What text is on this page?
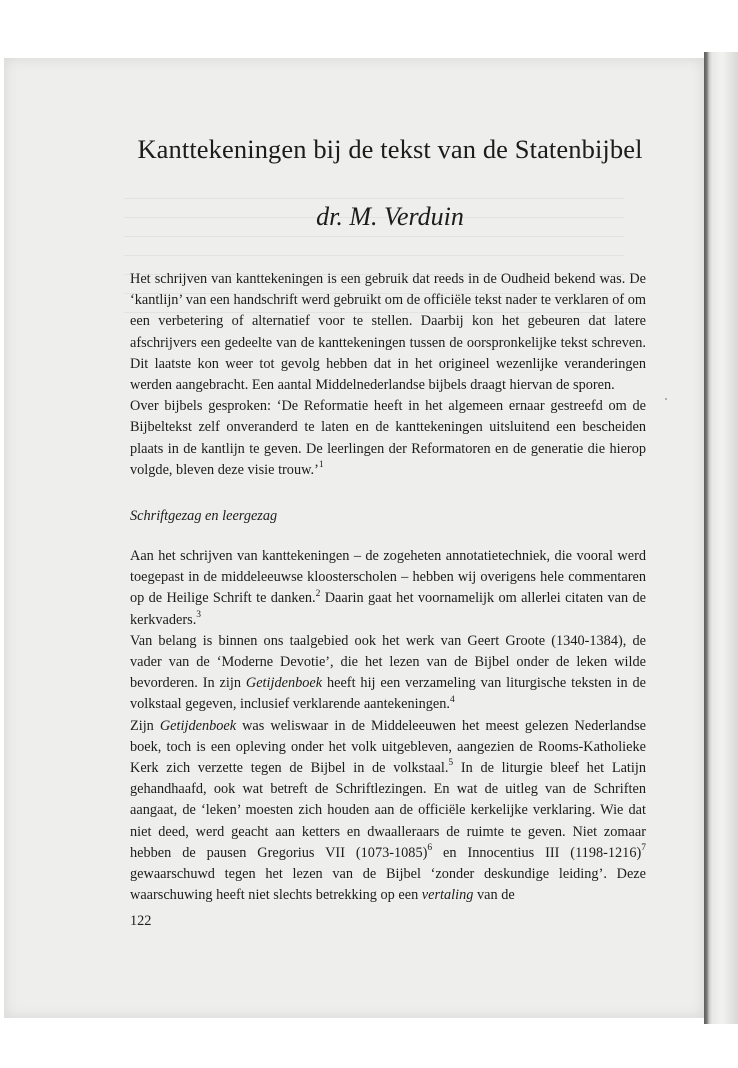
Kanttekeningen bij de tekst van de Statenbijbel
dr. M. Verduin

Het schrijven van kanttekeningen is een gebruik dat reeds in de Oudheid bekend was. De ‘kantlijn’ van een handschrift werd gebruikt om de officiële tekst nader te verklaren of om een verbetering of alternatief voor te stellen. Daarbij kon het gebeuren dat latere afschrijvers een gedeelte van de kanttekeningen tussen de oorspronkelijke tekst schreven. Dit laatste kon weer tot gevolg hebben dat in het origineel wezenlijke veranderingen werden aangebracht. Een aantal Middelnederlandse bijbels draagt hiervan de sporen.

Over bijbels gesproken: ‘De Reformatie heeft in het algemeen ernaar gestreefd om de Bijbeltekst zelf onveranderd te laten en de kanttekeningen uitsluitend een bescheiden plaats in de kantlijn te geven. De leerlingen der Reformatoren en de generatie die hierop volgde, bleven deze visie trouw.’$^1$

Schriftgezag en leergezag

Aan het schrijven van kanttekeningen – de zogeheten annotatietechniek, die vooral werd toegepast in de middeleeuwse kloosterscholen – hebben wij overigens hele commentaren op de Heilige Schrift te danken.$^2$ Daarin gaat het voornamelijk om allerlei citaten van de kerkvaders.$^3$

Van belang is binnen ons taalgebied ook het werk van Geert Groote (1340-1384), de vader van de ‘Moderne Devotie’, die het lezen van de Bijbel onder de leken wilde bevorderen. In zijn Getijdenboek heeft hij een verzameling van liturgische teksten in de volkstaal gegeven, inclusief verklarende aantekeningen.$^4$

Zijn Getijdenboek was weliswaar in de Middeleeuwen het meest gelezen Nederlandse boek, toch is een opleving onder het volk uitgebleven, aangezien de Rooms-Katholieke Kerk zich verzette tegen de Bijbel in de volkstaal.$^5$ In de liturgie bleef het Latijn gehandhaafd, ook wat betreft de Schriftlezingen. En wat de uitleg van de Schriften aangaat, de ‘leken’ moesten zich houden aan de officiële kerkelijke verklaring. Wie dat niet deed, werd geacht aan ketters en dwaalleraars de ruimte te geven. Niet zomaar hebben de pausen Gregorius VII (1073-1085)$^6$ en Innocentius III (1198-1216)$^7$ gewaarschuwd tegen het lezen van de Bijbel ‘zonder deskundige leiding’. Deze waarschuwing heeft niet slechts betrekking op een vertaling van de

122
